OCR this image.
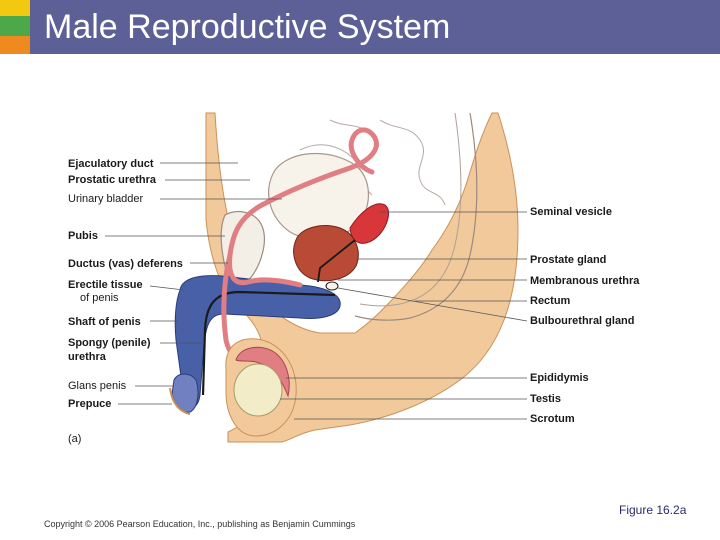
Male Reproductive System
Ejaculatory duct
Prostatic urethra
Urinary bladder
Pubis
Ductus (vas) deferens
Erectile tissue
of penis
Shaft of penis
Spongy (penile)
urethra
Glans penis
Prepuce
(a)
Seminal vesicle
Prostate gland
Membranous urethra
Rectum
Bulbourethral gland
Epididymis
Testis
Scrotum
Figure 16.2a
Copyright © 2006 Pearson Education, Inc., publishing as Benjamin Cummings
